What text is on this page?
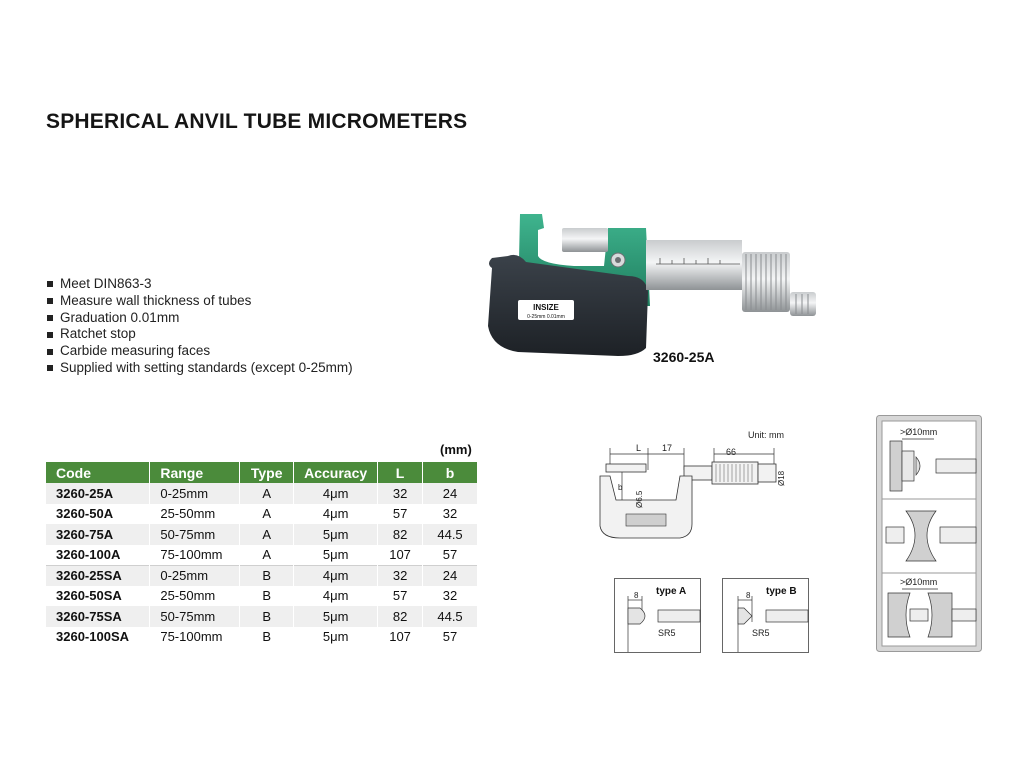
SPHERICAL ANVIL TUBE MICROMETERS
Meet DIN863-3
Measure wall thickness of tubes
Graduation 0.01mm
Ratchet stop
Carbide measuring faces
Supplied with setting standards (except 0-25mm)
INSIZE
0-25mm 0.01mm
3260-25A
(mm)
Code	Range	Type	Accuracy	L	b
3260-25A	0-25mm	A	4μm	32	24
3260-50A	25-50mm	A	4μm	57	32
3260-75A	50-75mm	A	5μm	82	44.5
3260-100A	75-100mm	A	5μm	107	57
3260-25SA	0-25mm	B	4μm	32	24
3260-50SA	25-50mm	B	4μm	57	32
3260-75SA	50-75mm	B	5μm	82	44.5
3260-100SA	75-100mm	B	5μm	107	57
Unit: mm
L 17	66
b
Ø6.5
Ø18
type A
8
SR5
type B
8
SR5
>Ø10mm
>Ø10mm
